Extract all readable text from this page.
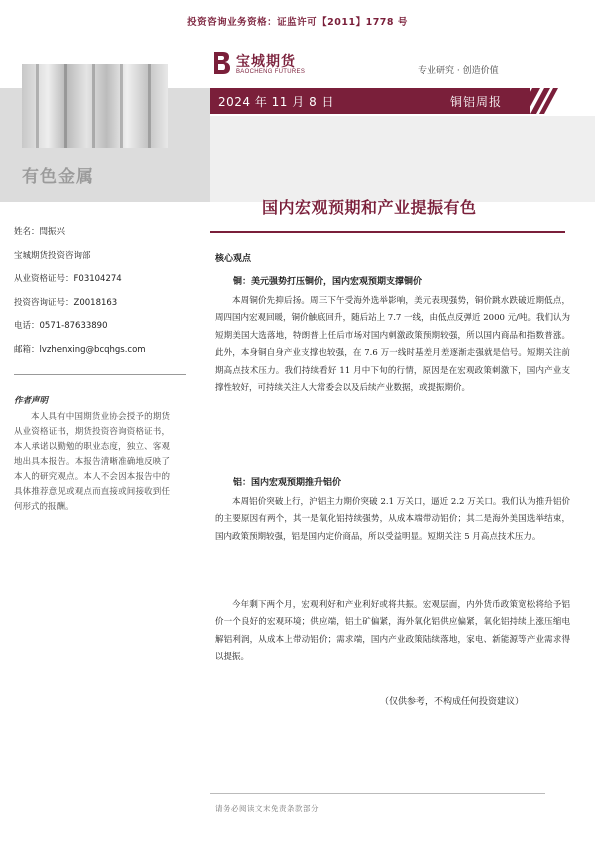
投资咨询业务资格：证监许可【2011】1778 号
宝城期货
BAOCHENG FUTURES	专业研究 · 创造价值
2024 年 11 月 8 日	铜铝周报
有色金属
国内宏观预期和产业提振有色
姓名：閆振兴
宝城期货投资咨询部
从业资格证号：F03104274
投资咨询证号：Z0018163
电话：0571-87633890
邮箱：lvzhenxing@bcqhgs.com
作者声明
本人具有中国期货业协会授予的期货从业资格证书，期货投资咨询资格证书，本人承诺以勤勉的职业态度，独立、客观地出具本报告。本报告清晰准确地反映了本人的研究观点。本人不会因本报告中的具体推荐意见或观点而直接或间接收到任何形式的报酬。
核心观点
铜：美元强势打压铜价，国内宏观预期支撑铜价
本周铜价先抑后扬。周三下午受海外选举影响，美元表现强势，铜价跳水跌破近期低点，周四国内宏观回暖，铜价触底回升，随后站上 7.7 一线，由低点反弹近 2000 元/吨。我们认为短期美国大选落地，特朗普上任后市场对国内刺激政策预期较强，所以国内商品和指数普涨。此外，本身铜自身产业支撑也较强，在 7.6 万一线时基差月差逐渐走强就是信号。短期关注前期高点技术压力。我们持续看好 11 月中下旬的行情，原因是在宏观政策刺激下，国内产业支撑性较好，可持续关注人大常委会以及后续产业数据，或提振期价。
铝：国内宏观预期推升铝价
本周铝价突破上行，沪铝主力期价突破 2.1 万关口，逼近 2.2 万关口。我们认为推升铝价的主要原因有两个，其一是氧化铝持续强势，从成本端带动铝价；其二是海外美国选举结束，国内政策预期较强，铝是国内定价商品，所以受益明显。短期关注 5 月高点技术压力。
今年剩下两个月，宏观利好和产业利好或将共振。宏观层面，内外货币政策宽松将给予铝价一个良好的宏观环境；供应端，铝土矿偏紧，海外氧化铝供应偏紧，氧化铝持续上涨压缩电解铝利润，从成本上带动铝价；需求端，国内产业政策陆续落地，家电、新能源等产业需求得以提振。
（仅供参考，不构成任何投资建议）
请务必阅读文末免责条款部分
